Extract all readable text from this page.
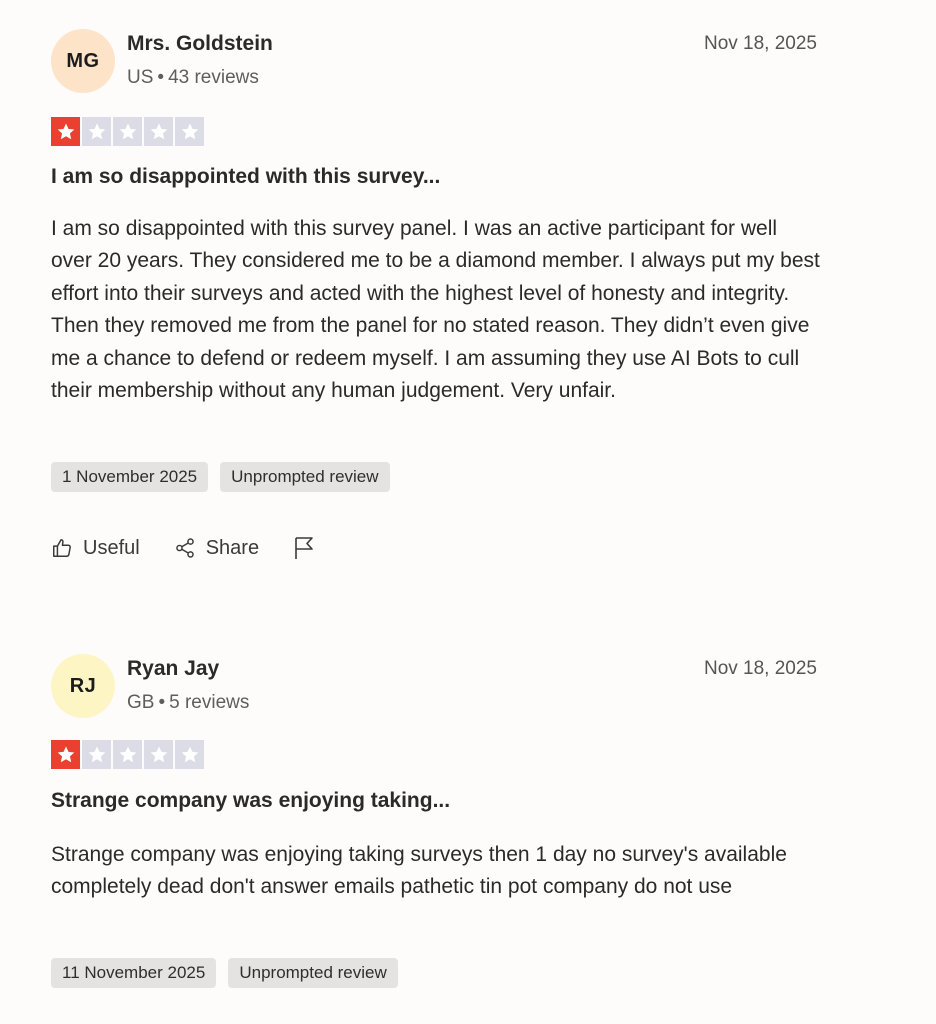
MG
Mrs. Goldstein
US • 43 reviews
Nov 18, 2025
I am so disappointed with this survey...
I am so disappointed with this survey panel. I was an active participant for well over 20 years. They considered me to be a diamond member. I always put my best effort into their surveys and acted with the highest level of honesty and integrity. Then they removed me from the panel for no stated reason. They didn’t even give me a chance to defend or redeem myself. I am assuming they use AI Bots to cull their membership without any human judgement. Very unfair.
1 November 2025	Unprompted review
Useful	Share
RJ
Ryan Jay
GB • 5 reviews
Nov 18, 2025
Strange company was enjoying taking...
Strange company was enjoying taking surveys then 1 day no survey's available completely dead don't answer emails pathetic tin pot company do not use
11 November 2025	Unprompted review
